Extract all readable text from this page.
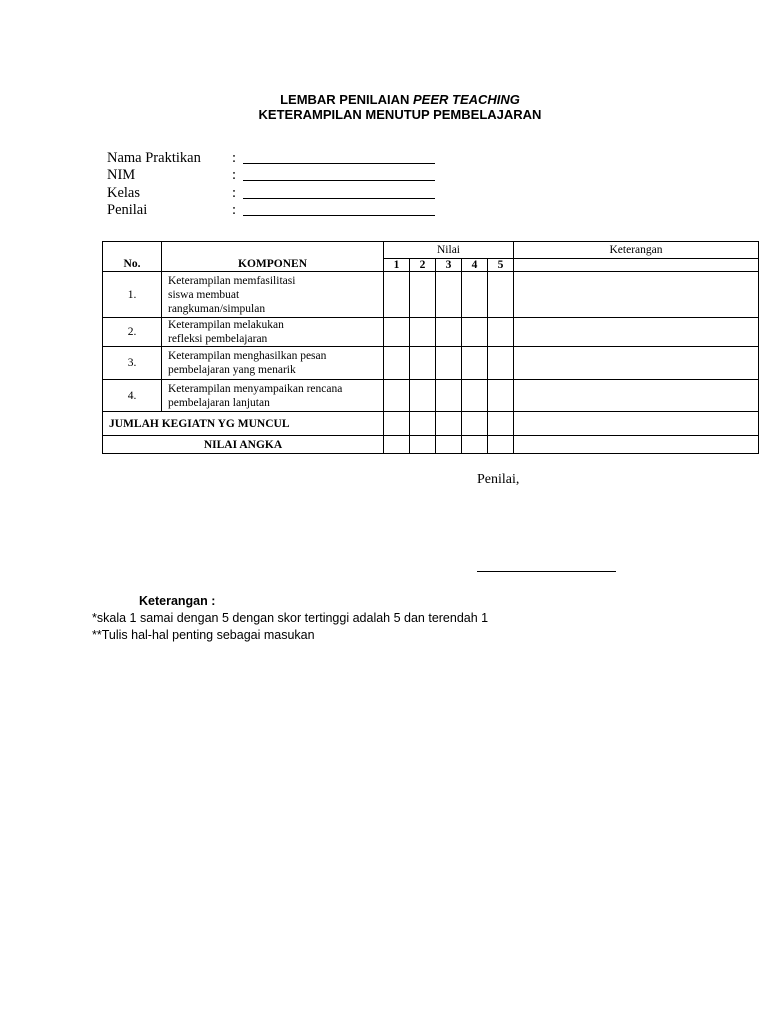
LEMBAR PENILAIAN PEER TEACHING
KETERAMPILAN MENUTUP PEMBELAJARAN
Nama Praktikan :
NIM	:
Kelas	:
Penilai	:
No.	KOMPONEN	Nilai					Keterangan
		1	2	3	4	5	
1.	Keterampilan memfasilitasi
siswa membuat
rangkuman/simpulan						

2.	Keterampilan melakukan
refleksi pembelajaran						

3.	Keterampilan menghasilkan pesan
pembelajaran yang menarik						

4.	Keterampilan menyampaikan rencana
pembelajaran lanjutan						

JUMLAH KEGIATN YG MUNCUL							
NILAI ANGKA							
Penilai,
Keterangan :
*skala 1 samai dengan 5 dengan skor tertinggi adalah 5 dan terendah 1
**Tulis hal-hal penting sebagai masukan
